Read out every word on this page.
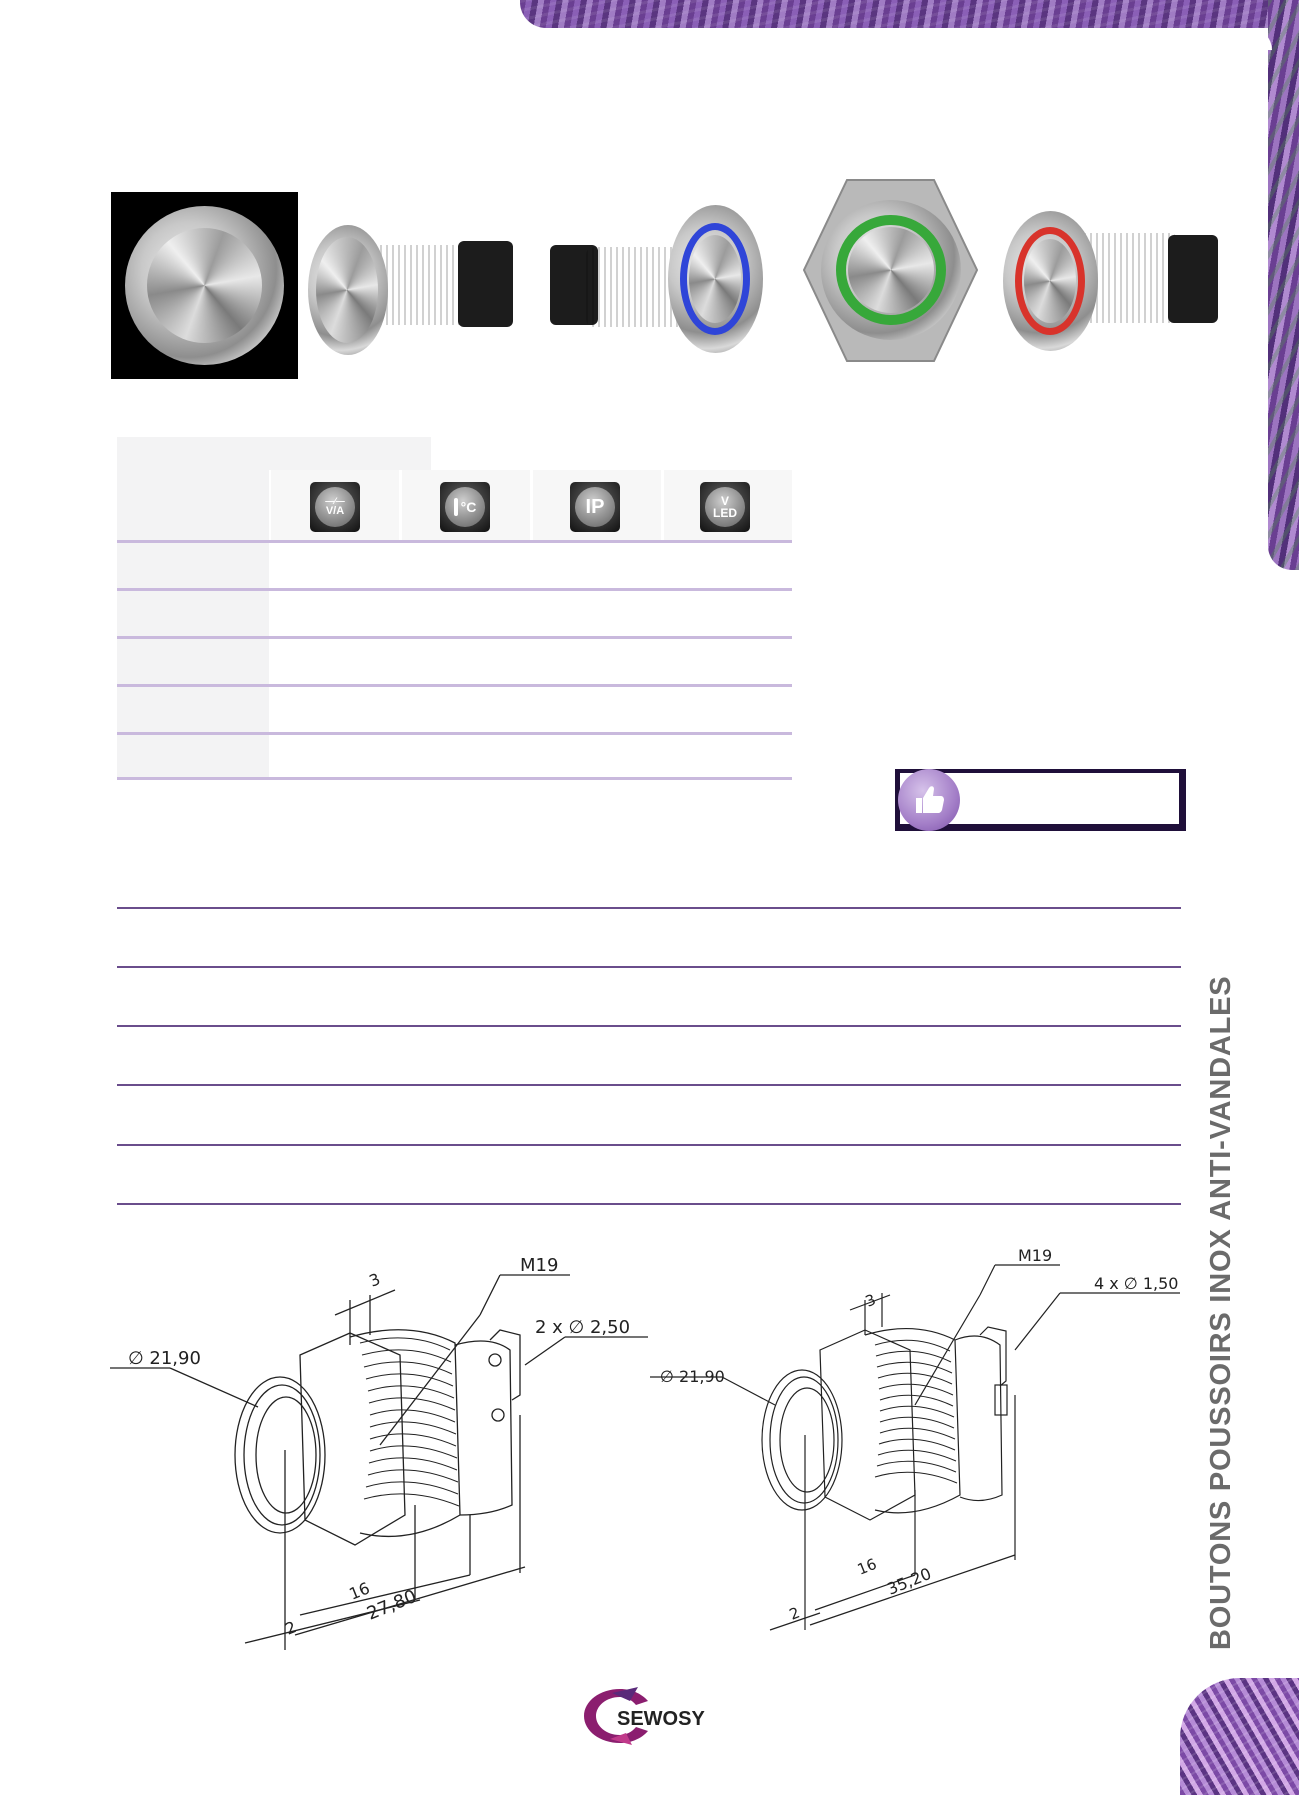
—⁄—
V/A	°C	IP	V
LED
BOUTONS POUSSOIRS INOX ANTI-VANDALES
M19
2 x ∅ 2,50
∅ 21,90
3
16
2
27,80
M19
4 x ∅ 1,50
∅ 21,90
3
16
2
35,20
SEWOSY
